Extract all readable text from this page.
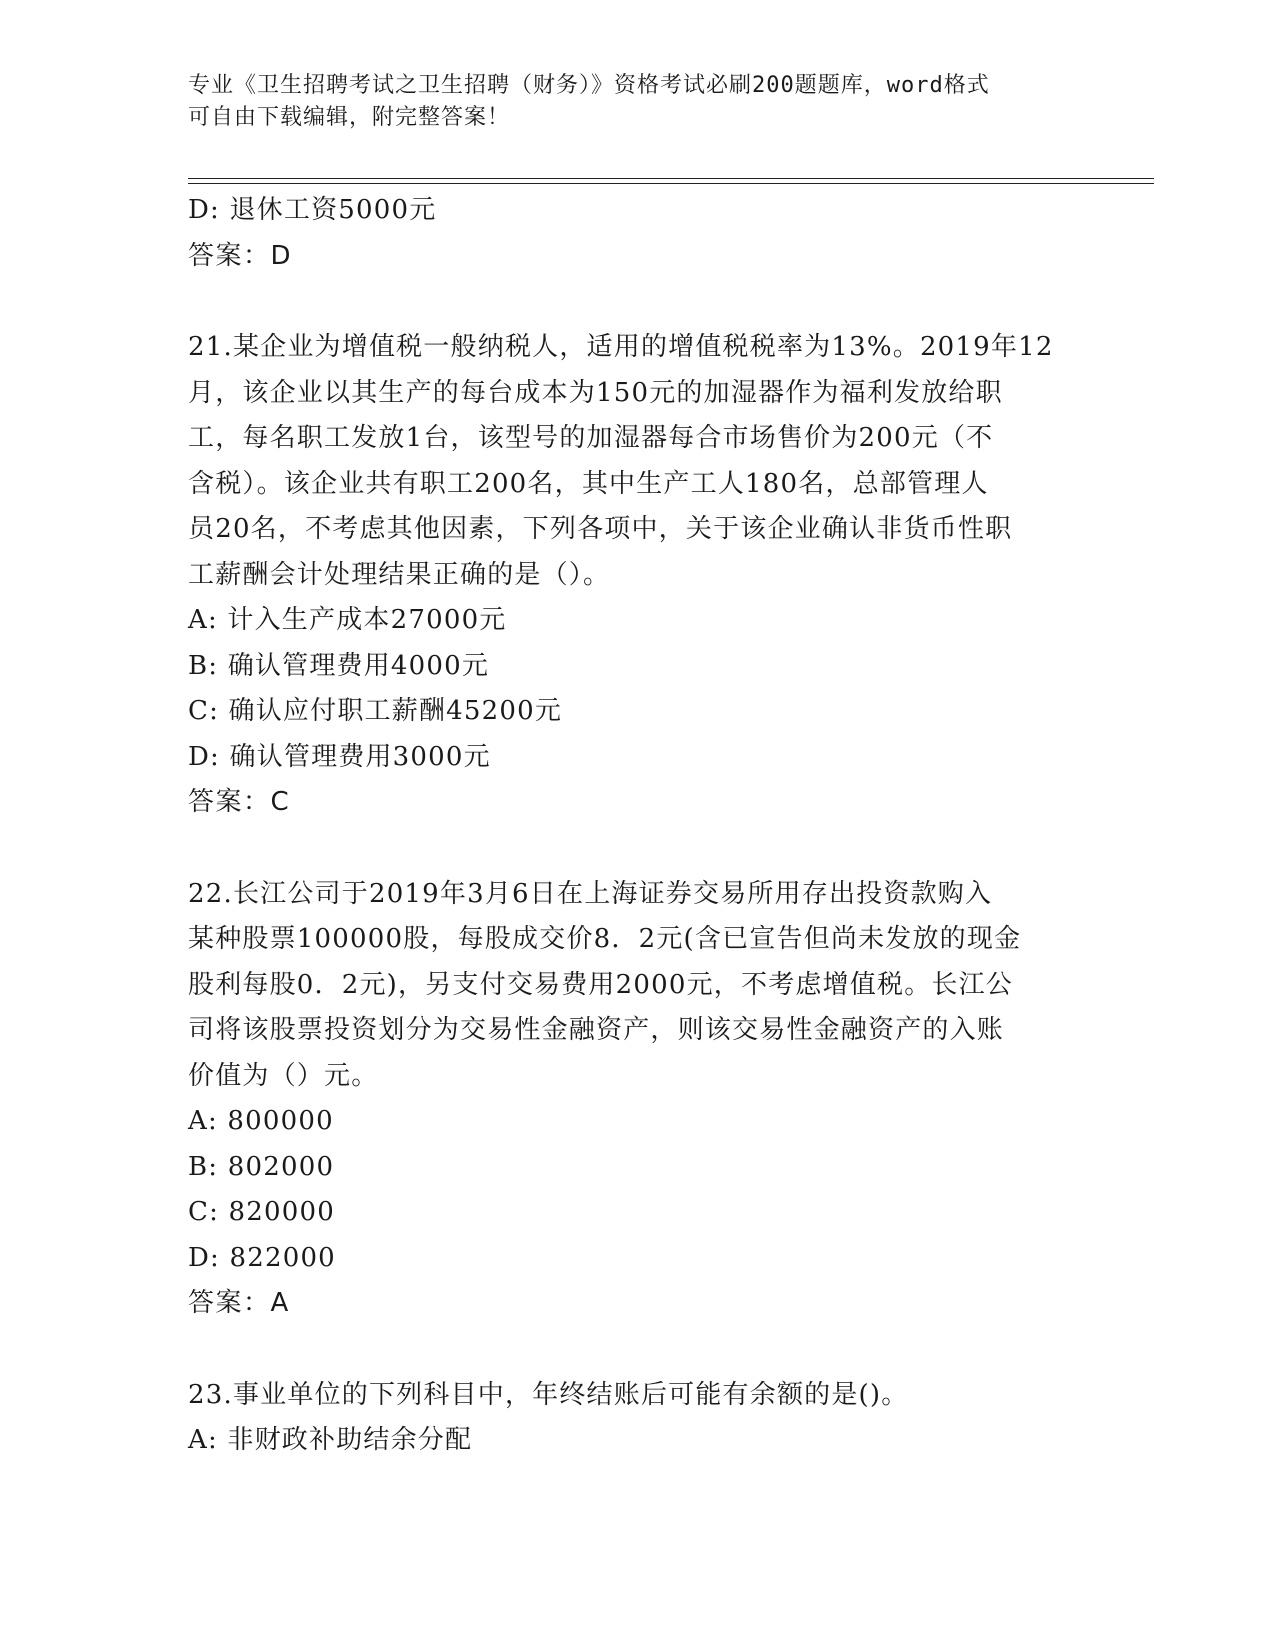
专业《卫生招聘考试之卫生招聘（财务）》资格考试必刷200题题库，word格式
可自由下载编辑，附完整答案！
D: 退休工资5000元
答案：D
21.某企业为增值税一般纳税人，适用的增值税税率为13%。2019年12
月，该企业以其生产的每台成本为150元的加湿器作为福利发放给职
工，每名职工发放1台，该型号的加湿器每合市场售价为200元（不
含税）。该企业共有职工200名，其中生产工人180名，总部管理人
员20名，不考虑其他因素，下列各项中，关于该企业确认非货币性职
工薪酬会计处理结果正确的是（）。
A: 计入生产成本27000元
B: 确认管理费用4000元
C: 确认应付职工薪酬45200元
D: 确认管理费用3000元
答案：C
22.长江公司于2019年3月6日在上海证券交易所用存出投资款购入
某种股票100000股，每股成交价8．2元(含已宣告但尚未发放的现金
股利每股0．2元)，另支付交易费用2000元，不考虑增值税。长江公
司将该股票投资划分为交易性金融资产，则该交易性金融资产的入账
价值为（）元。
A: 800000
B: 802000
C: 820000
D: 822000
答案：A
23.事业单位的下列科目中，年终结账后可能有余额的是()。
A: 非财政补助结余分配
